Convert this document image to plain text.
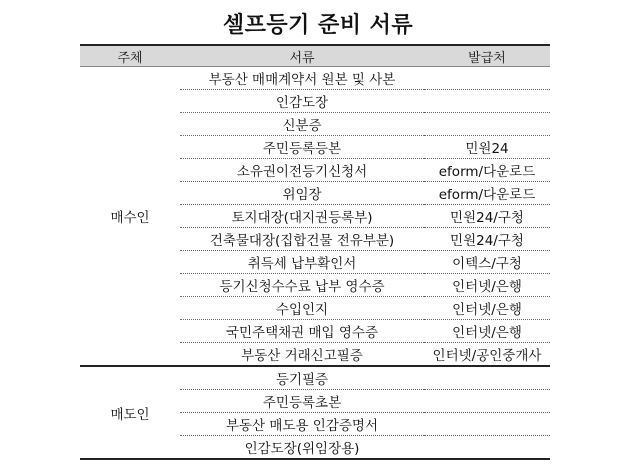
셀프등기 준비 서류
주체	서류	발급처
매수인	부동산 매매계약서 원본 및 사본	
	인감도장	
	신분증	
	주민등록등본	민원24
	소유권이전등기신청서	eform/다운로드
	위임장	eform/다운로드
	토지대장(대지권등록부)	민원24/구청
	건축물대장(집합건물 전유부분)	민원24/구청
	취득세 납부확인서	이텍스/구청
	등기신청수수료 납부 영수증	인터넷/은행
	수입인지	인터넷/은행
	국민주택채권 매입 영수증	인터넷/은행
	부동산 거래신고필증	인터넷/공인중개사
매도인	등기필증	
	주민등록초본	
	부동산 매도용 인감증명서	
	인감도장(위임장용)	
